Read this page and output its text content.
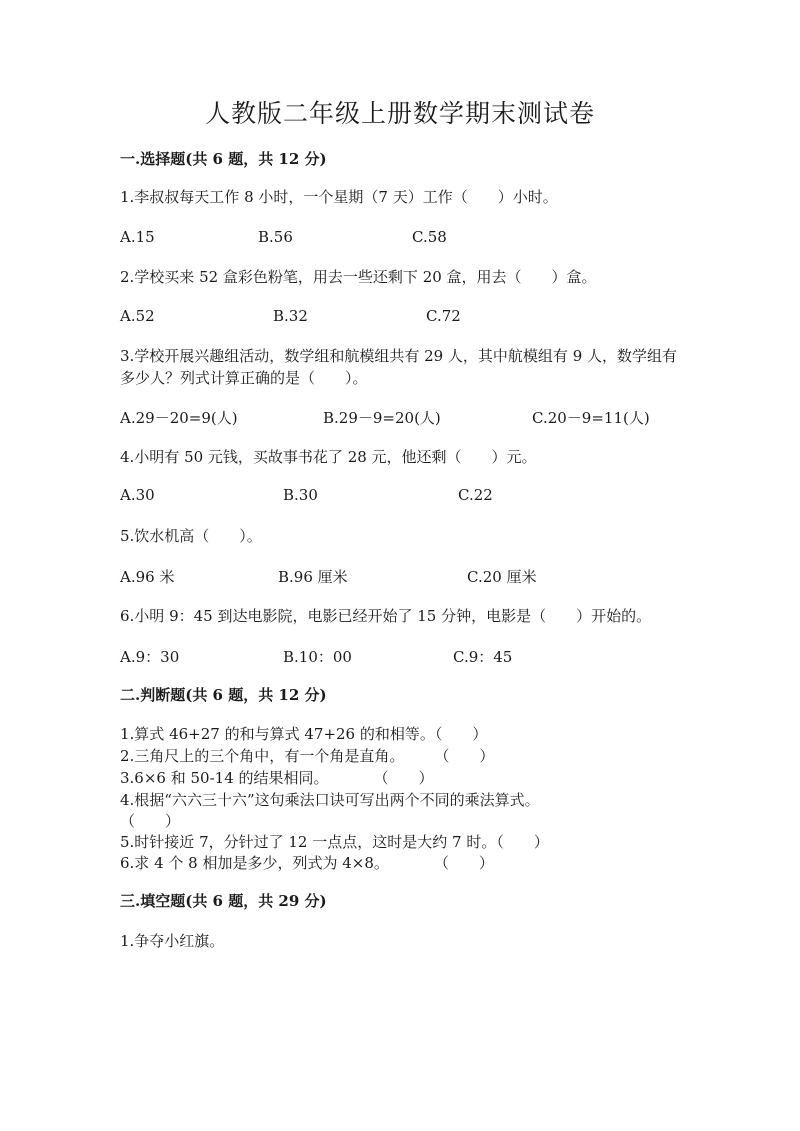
人教版二年级上册数学期末测试卷
一.选择题(共 6 题，共 12 分)
1.李叔叔每天工作 8 小时，一个星期（7 天）工作（　　）小时。
A.15	B.56	C.58
2.学校买来 52 盒彩色粉笔，用去一些还剩下 20 盒，用去（　　）盒。
A.52	B.32	C.72
3.学校开展兴趣组活动，数学组和航模组共有 29 人，其中航模组有 9 人，数学组有多少人？列式计算正确的是（　　）。
A.29－20=9(人)	B.29－9=20(人)	C.20－9=11(人)
4.小明有 50 元钱，买故事书花了 28 元，他还剩（　　）元。
A.30	B.30	C.22
5.饮水机高（　　）。
A.96 米	B.96 厘米	C.20 厘米
6.小明 9：45 到达电影院，电影已经开始了 15 分钟，电影是（　　）开始的。
A.9：30	B.10：00	C.9：45
二.判断题(共 6 题，共 12 分)
1.算式 46+27 的和与算式 47+26 的和相等。（　　）
2.三角尺上的三个角中，有一个角是直角。　　　（　　）
3.6×6 和 50-14 的结果相同。　　　　（　　）
4.根据“六六三十六”这句乘法口诀可写出两个不同的乘法算式。
（　　）
5.时针接近 7，分针过了 12 一点点，这时是大约 7 时。（　　）
6.求 4 个 8 相加是多少，列式为 4×8。　　　　（　　）
三.填空题(共 6 题，共 29 分)
1.争夺小红旗。
